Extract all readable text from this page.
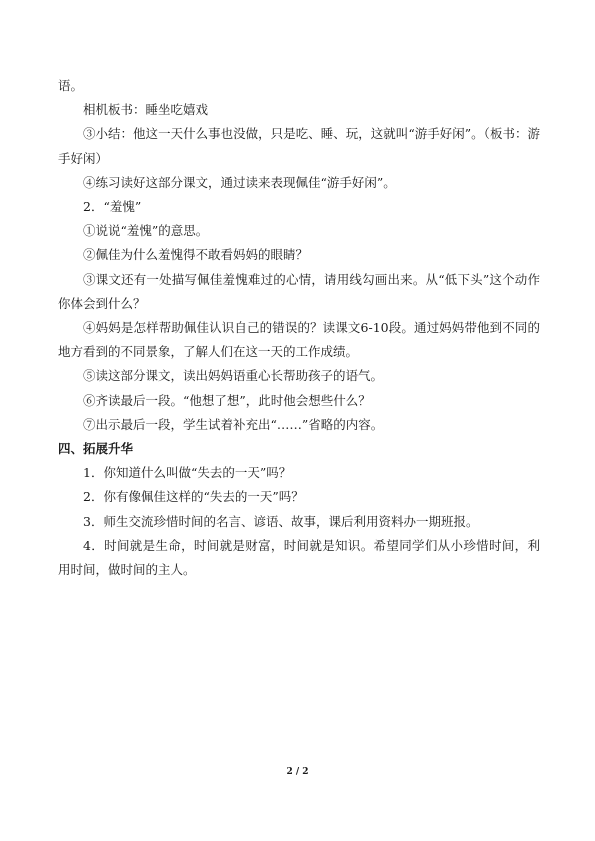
语。

相机板书：睡坐吃嬉戏

③小结：他这一天什么事也没做，只是吃、睡、玩，这就叫“游手好闲”。（板书：游手好闲）

④练习读好这部分课文，通过读来表现佩佳“游手好闲”。

2．“羞愧”

①说说“羞愧”的意思。

②佩佳为什么羞愧得不敢看妈妈的眼睛？

③课文还有一处描写佩佳羞愧难过的心情，请用线勾画出来。从“低下头”这个动作你体会到什么？

④妈妈是怎样帮助佩佳认识自己的错误的？读课文6-10段。通过妈妈带他到不同的地方看到的不同景象，了解人们在这一天的工作成绩。

⑤读这部分课文，读出妈妈语重心长帮助孩子的语气。

⑥齐读最后一段。“他想了想”，此时他会想些什么？

⑦出示最后一段，学生试着补充出“……”省略的内容。

四、拓展升华

1．你知道什么叫做“失去的一天”吗？

2．你有像佩佳这样的“失去的一天”吗？

3．师生交流珍惜时间的名言、谚语、故事，课后利用资料办一期班报。

4．时间就是生命，时间就是财富，时间就是知识。希望同学们从小珍惜时间，利用时间，做时间的主人。

2 / 2
